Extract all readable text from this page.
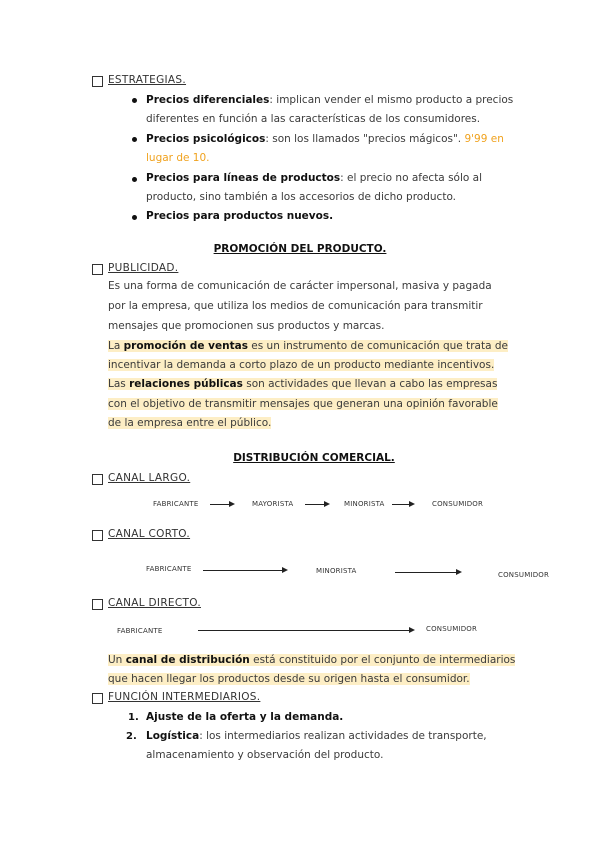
ESTRATEGIAS.
Precios diferenciales: implican vender el mismo producto a precios
diferentes en función a las características de los consumidores.
Precios psicológicos: son los llamados "precios mágicos". 9'99 en
lugar de 10.
Precios para líneas de productos: el precio no afecta sólo al
producto, sino también a los accesorios de dicho producto.
Precios para productos nuevos.
PROMOCIÓN DEL PRODUCTO.
PUBLICIDAD.
Es una forma de comunicación de carácter impersonal, masiva y pagada
por la empresa, que utiliza los medios de comunicación para transmitir
mensajes que promocionen sus productos y marcas.
La promoción de ventas es un instrumento de comunicación que trata de
incentivar la demanda a corto plazo de un producto mediante incentivos.
Las relaciones públicas son actividades que llevan a cabo las empresas
con el objetivo de transmitir mensajes que generan una opinión favorable
de la empresa entre el público.
DISTRIBUCIÓN COMERCIAL.
CANAL LARGO.
FABRICANTE	MAYORISTA	MINORISTA	CONSUMIDOR
CANAL CORTO.
FABRICANTE	MINORISTA	CONSUMIDOR
CANAL DIRECTO.
FABRICANTE	CONSUMIDOR
Un canal de distribución está constituido por el conjunto de intermediarios
que hacen llegar los productos desde su origen hasta el consumidor.
FUNCIÓN INTERMEDIARIOS.
1. Ajuste de la oferta y la demanda.
2. Logística: los intermediarios realizan actividades de transporte,
almacenamiento y observación del producto.
